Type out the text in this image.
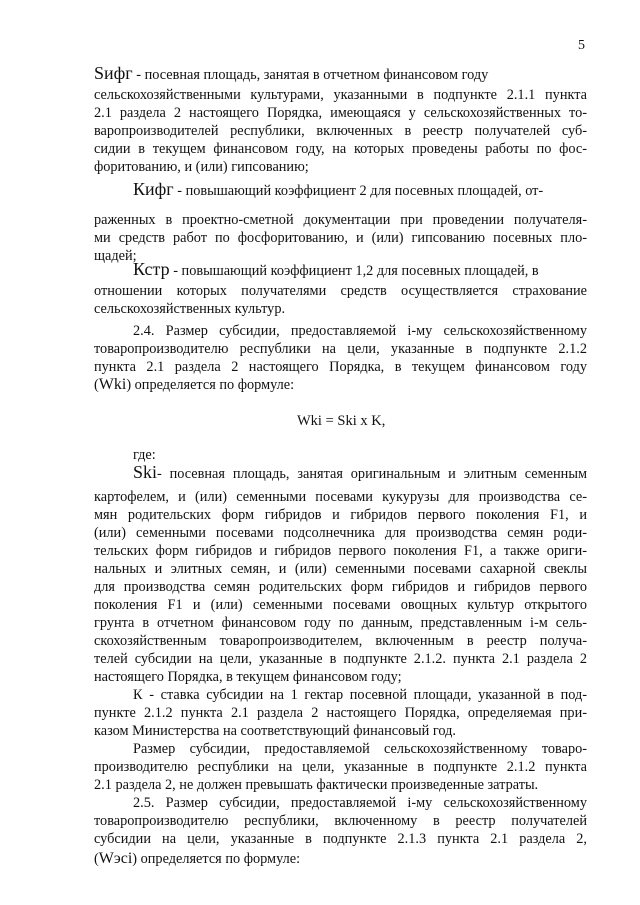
5
Sифг - посевная площадь, занятая в отчетном финансовом году
сельскохозяйственными культурами, указанными в подпункте 2.1.1 пункта
2.1 раздела 2 настоящего Порядка, имеющаяся у сельскохозяйственных то-
варопроизводителей республики, включенных в реестр получателей суб-
сидии в текущем финансовом году, на которых проведены работы по фос-
форитованию, и (или) гипсованию;
Кифг - повышающий коэффициент 2 для посевных площадей, от-
раженных в проектно-сметной документации при проведении получателя-
ми средств работ по фосфоритованию, и (или) гипсованию посевных пло-
щадей;
Кстр - повышающий коэффициент 1,2 для посевных площадей, в
отношении которых получателями средств осуществляется страхование
сельскохозяйственных культур.
2.4. Размер субсидии, предоставляемой i-му сельскохозяйственному
товаропроизводителю республики на цели, указанные в подпункте 2.1.2
пункта 2.1 раздела 2 настоящего Порядка, в текущем финансовом году
(Wki) определяется по формуле:
Wki = Ski x K,
где:
Ski- посевная площадь, занятая оригинальным и элитным семенным
картофелем, и (или) семенными посевами кукурузы для производства се-
мян родительских форм гибридов и гибридов первого поколения F1, и
(или) семенными посевами подсолнечника для производства семян роди-
тельских форм гибридов и гибридов первого поколения F1, а также ориги-
нальных и элитных семян, и (или) семенными посевами сахарной свеклы
для производства семян родительских форм гибридов и гибридов первого
поколения F1 и (или) семенными посевами овощных культур открытого
грунта в отчетном финансовом году по данным, представленным i-м сель-
скохозяйственным товаропроизводителем, включенным в реестр получа-
телей субсидии на цели, указанные в подпункте 2.1.2. пункта 2.1 раздела 2
настоящего Порядка, в текущем финансовом году;
К - ставка субсидии на 1 гектар посевной площади, указанной в под-
пункте 2.1.2 пункта 2.1 раздела 2 настоящего Порядка, определяемая при-
казом Министерства на соответствующий финансовый год.
Размер субсидии, предоставляемой сельскохозяйственному товаро-
производителю республики на цели, указанные в подпункте 2.1.2 пункта
2.1 раздела 2, не должен превышать фактически произведенные затраты.
2.5. Размер субсидии, предоставляемой i-му сельскохозяйственному
товаропроизводителю республики, включенному в реестр получателей
субсидии на цели, указанные в подпункте 2.1.3 пункта 2.1 раздела 2,
(Wэсi) определяется по формуле:
